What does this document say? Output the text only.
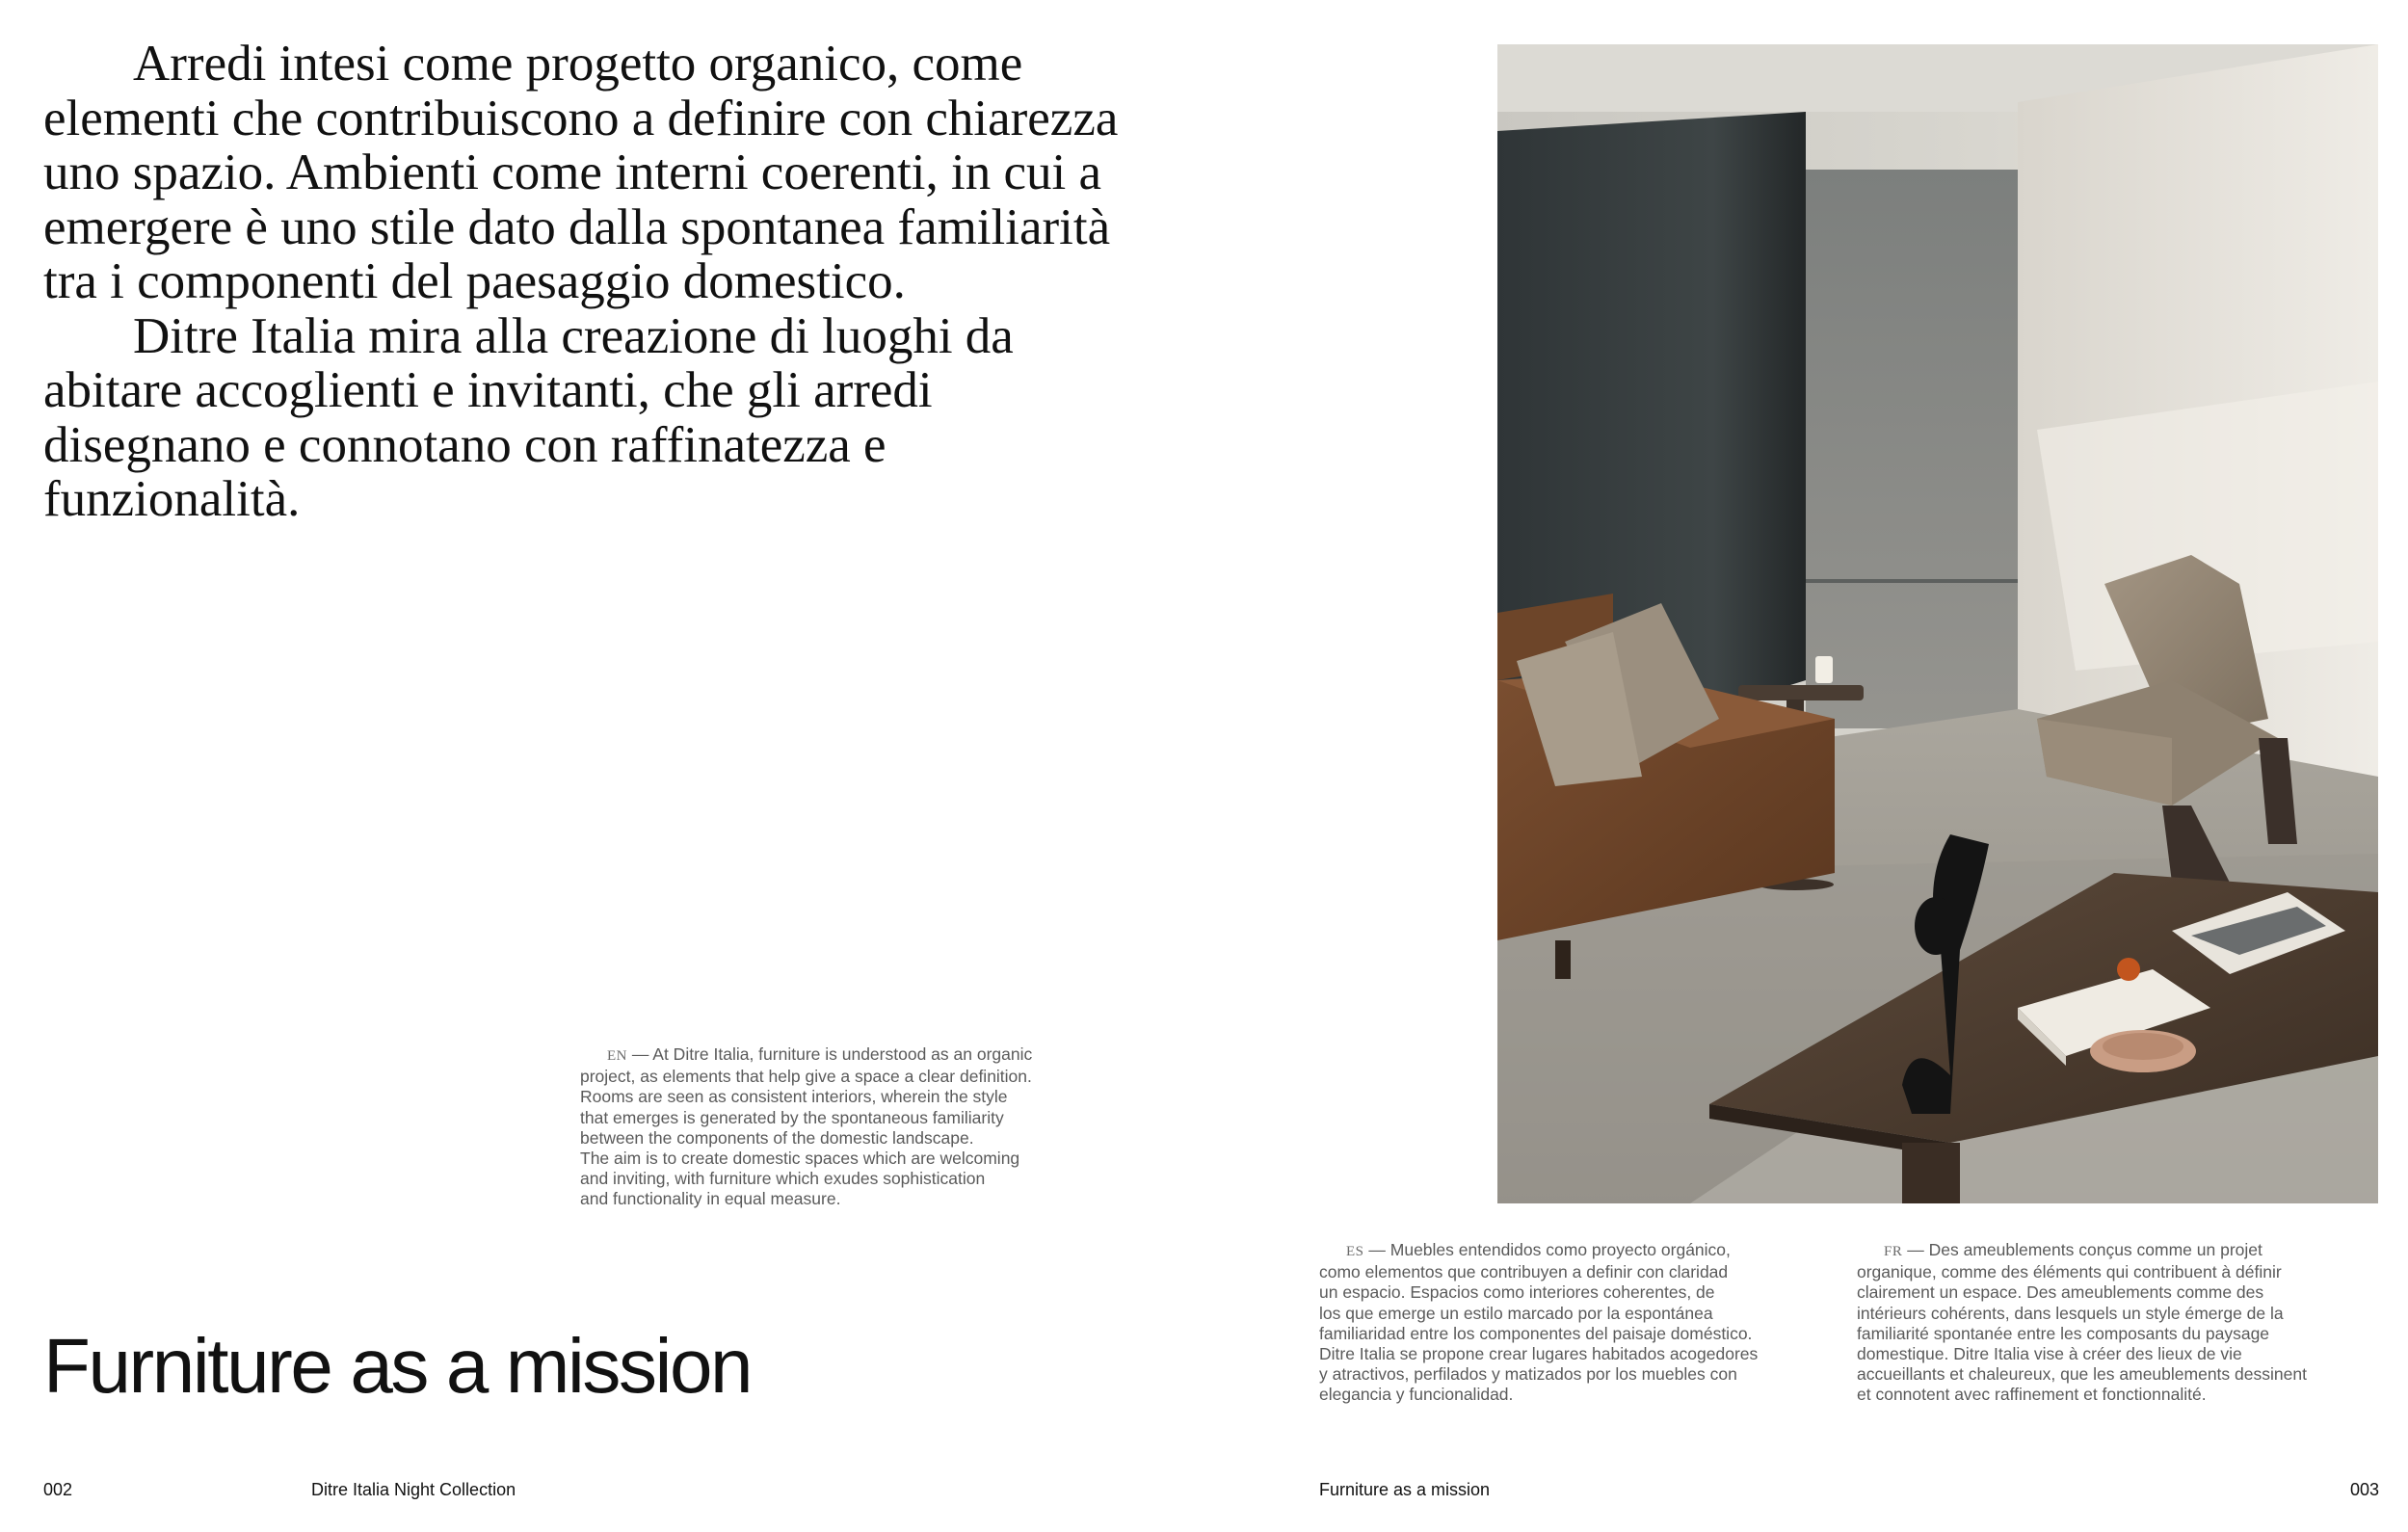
Arredi intesi come progetto organico, come elementi che contribuiscono a definire con chiarezza uno spazio. Ambienti come interni coerenti, in cui a emergere è uno stile dato dalla spontanea familiarità tra i componenti del paesaggio domestico.

Ditre Italia mira alla creazione di luoghi da abitare accoglienti e invitanti, che gli arredi disegnano e connotano con raffinatezza e funzionalità.

EN — At Ditre Italia, furniture is understood as an organic

project, as elements that help give a space a clear definition.

Rooms are seen as consistent interiors, wherein the style

that emerges is generated by the spontaneous familiarity

between the components of the domestic landscape.

The aim is to create domestic spaces which are welcoming

and inviting, with furniture which exudes sophistication

and functionality in equal measure.

Furniture as a mission
002	Ditre Italia Night Collection

ES — Muebles entendidos como proyecto orgánico,

como elementos que contribuyen a definir con claridad

un espacio. Espacios como interiores coherentes, de

los que emerge un estilo marcado por la espontánea

familiaridad entre los componentes del paisaje doméstico.

Ditre Italia se propone crear lugares habitados acogedores

y atractivos, perfilados y matizados por los muebles con

elegancia y funcionalidad.

FR — Des ameublements conçus comme un projet

organique, comme des éléments qui contribuent à définir

clairement un espace. Des ameublements comme des

intérieurs cohérents, dans lesquels un style émerge de la

familiarité spontanée entre les composants du paysage

domestique. Ditre Italia vise à créer des lieux de vie

accueillants et chaleureux, que les ameublements dessinent

et connotent avec raffinement et fonctionnalité.

Furniture as a mission	003
